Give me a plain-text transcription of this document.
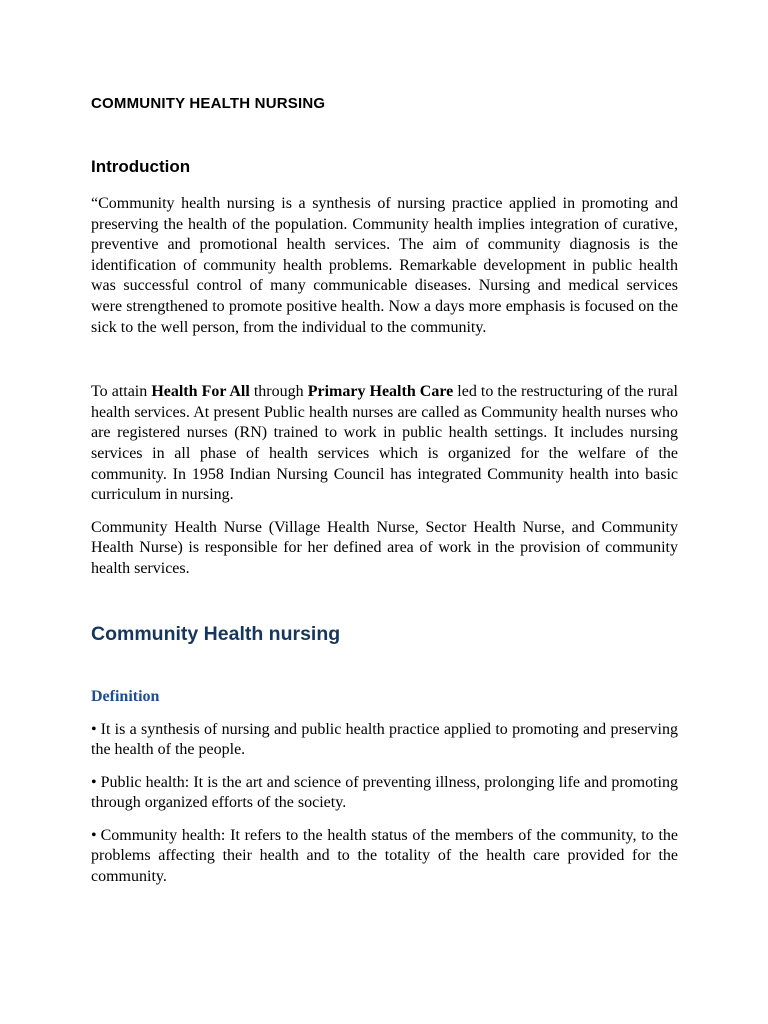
COMMUNITY HEALTH NURSING
Introduction

“Community health nursing is a synthesis of nursing practice applied in promoting and preserving the health of the population. Community health implies integration of curative, preventive and promotional health services. The aim of community diagnosis is the identification of community health problems. Remarkable development in public health was successful control of many communicable diseases. Nursing and medical services were strengthened to promote positive health. Now a days more emphasis is focused on the sick to the well person, from the individual to the community.

To attain Health For All through Primary Health Care led to the restructuring of the rural health services. At present Public health nurses are called as Community health nurses who are registered nurses (RN) trained to work in public health settings. It includes nursing services in all phase of health services which is organized for the welfare of the community. In 1958 Indian Nursing Council has integrated Community health into basic curriculum in nursing.

Community Health Nurse (Village Health Nurse, Sector Health Nurse, and Community Health Nurse) is responsible for her defined area of work in the provision of community health services.

Community Health nursing
Definition
• It is a synthesis of nursing and public health practice applied to promoting and preserving the health of the people.
• Public health: It is the art and science of preventing illness, prolonging life and promoting through organized efforts of the society.
• Community health: It refers to the health status of the members of the community, to the problems affecting their health and to the totality of the health care provided for the community.
